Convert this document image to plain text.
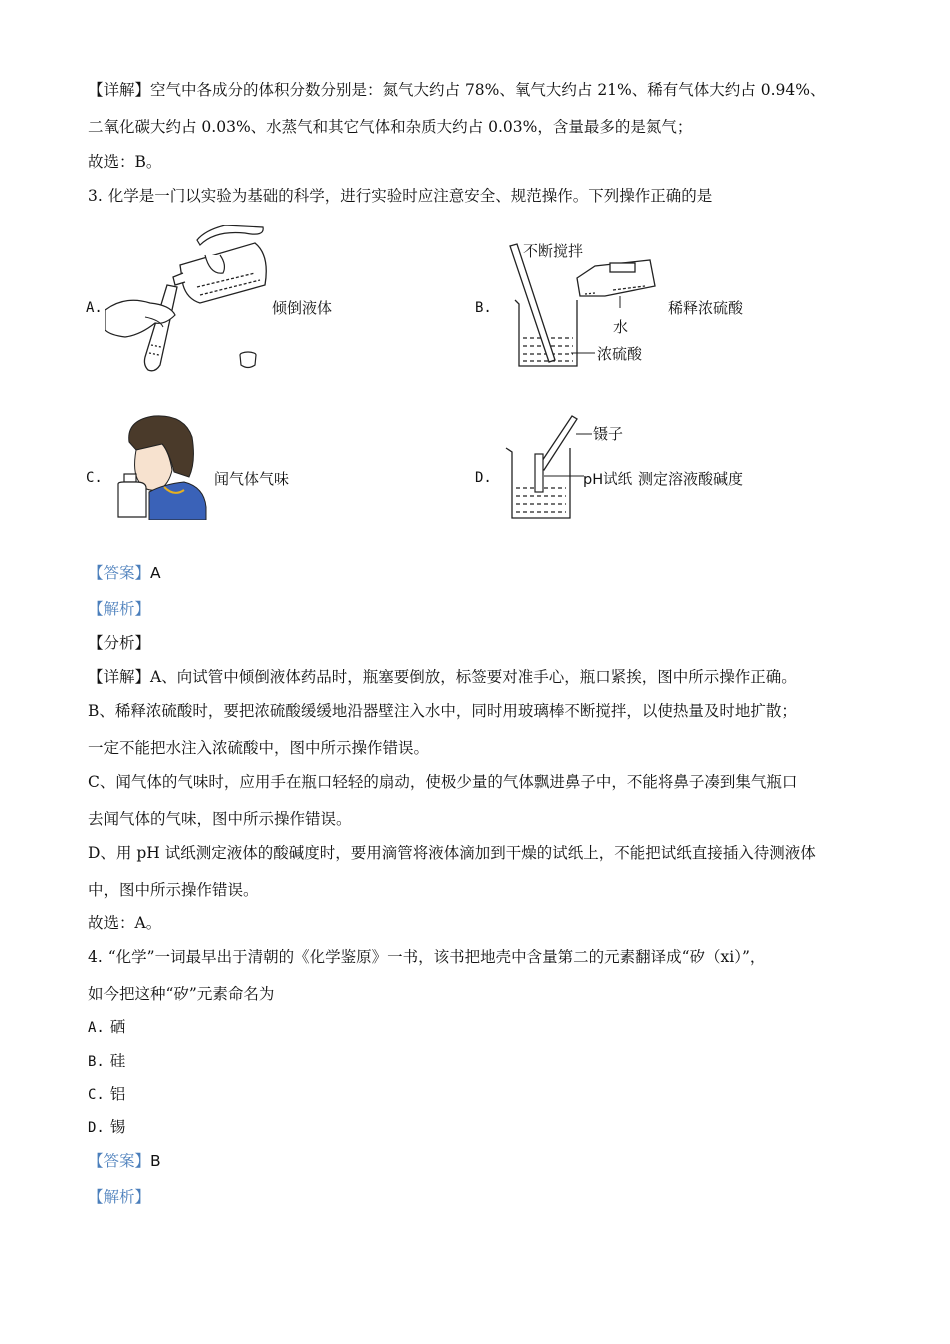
【详解】空气中各成分的体积分数分别是：氮气大约占 78%、氧气大约占 21%、稀有气体大约占 0.94%、
二氧化碳大约占 0.03%、水蒸气和其它气体和杂质大约占 0.03%，含量最多的是氮气；
故选：B。
3. 化学是一门以实验为基础的科学，进行实验时应注意安全、规范操作。下列操作正确的是
A.	倾倒液体	B.
不断搅拌
水
浓硫酸
稀释浓硫酸
C.	闻气体气味	D.
镊子
pH试纸 测定溶液酸碱度
【答案】A
【解析】
【分析】
【详解】A、向试管中倾倒液体药品时，瓶塞要倒放，标签要对准手心，瓶口紧挨，图中所示操作正确。
B、稀释浓硫酸时，要把浓硫酸缓缓地沿器壁注入水中，同时用玻璃棒不断搅拌，以使热量及时地扩散；
一定不能把水注入浓硫酸中，图中所示操作错误。
C、闻气体的气味时，应用手在瓶口轻轻的扇动，使极少量的气体飘进鼻子中，不能将鼻子凑到集气瓶口
去闻气体的气味，图中所示操作错误。
D、用 pH 试纸测定液体的酸碱度时，要用滴管将液体滴加到干燥的试纸上，不能把试纸直接插入待测液体
中，图中所示操作错误。
故选：A。
4. “化学”一词最早出于清朝的《化学鉴原》一书，该书把地壳中含量第二的元素翻译成“矽（xi）”，
如今把这种“矽”元素命名为
A. 硒
B. 硅
C. 铝
D. 锡
【答案】B
【解析】
